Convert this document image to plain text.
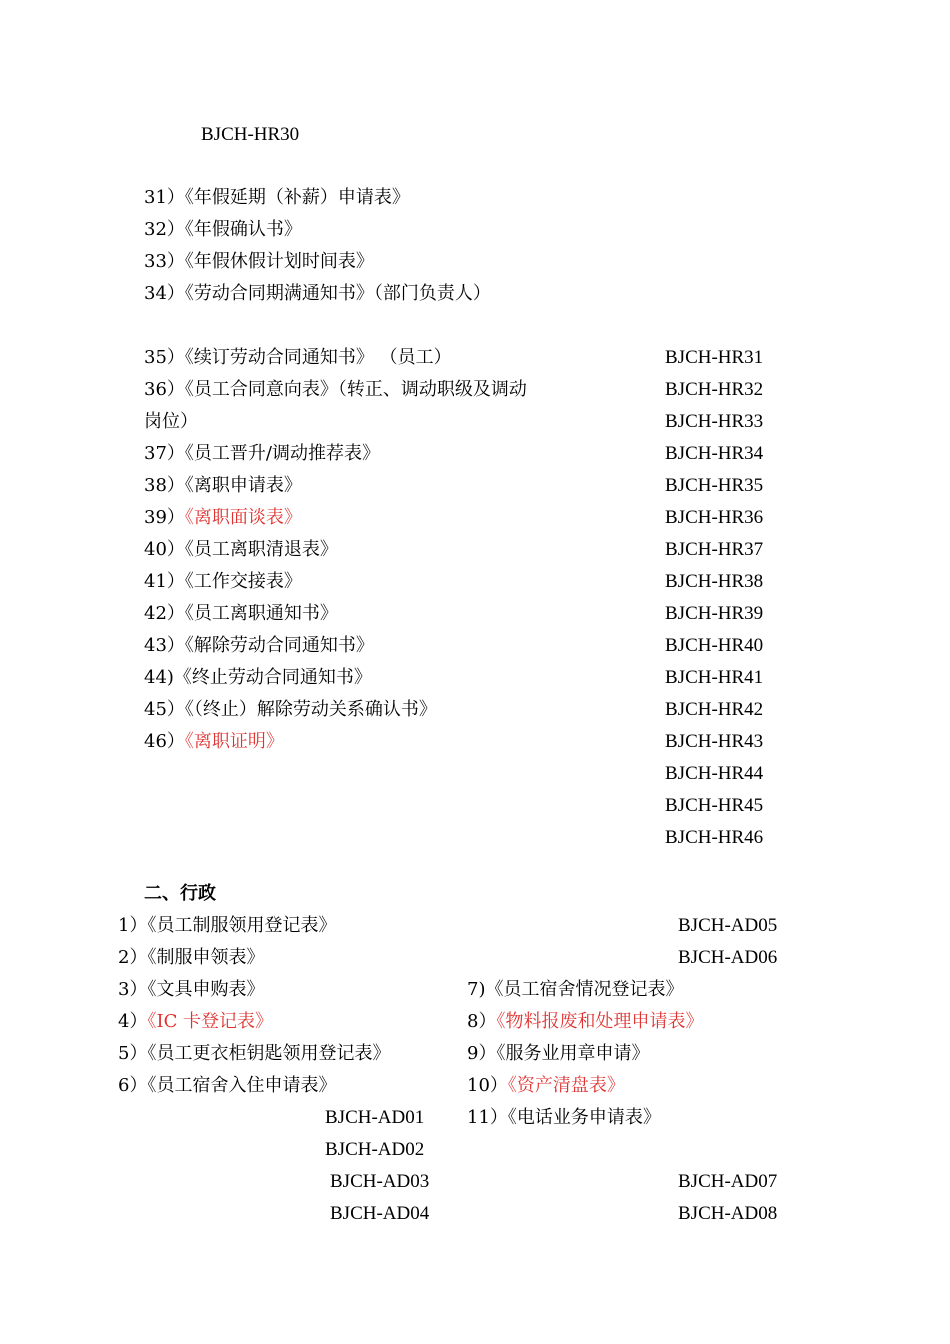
BJCH-HR30
31）《年假延期（补薪）申请表》
32）《年假确认书》
33）《年假休假计划时间表》
34）《劳动合同期满通知书》（部门负责人）
35）《续订劳动合同通知书》 （员工）
36）《员工合同意向表》（转正、调动职级及调动
岗位）
37）《员工晋升/调动推荐表》
38）《离职申请表》
39）《离职面谈表》
40）《员工离职清退表》
41）《工作交接表》
42）《员工离职通知书》
43）《解除劳动合同通知书》
44)《终止劳动合同通知书》
45）《（终止）解除劳动关系确认书》
46）《离职证明》
BJCH-HR31
BJCH-HR32
BJCH-HR33
BJCH-HR34
BJCH-HR35
BJCH-HR36
BJCH-HR37
BJCH-HR38
BJCH-HR39
BJCH-HR40
BJCH-HR41
BJCH-HR42
BJCH-HR43
BJCH-HR44
BJCH-HR45
BJCH-HR46
二、行政
1）《员工制服领用登记表》
2）《制服申领表》
3）《文具申购表》
4）《IC 卡登记表》
5）《员工更衣柜钥匙领用登记表》
6）《员工宿舍入住申请表》
BJCH-AD01
BJCH-AD02
BJCH-AD03
BJCH-AD04
7)《员工宿舍情况登记表》
8）《物料报废和处理申请表》
9）《服务业用章申请》
10）《资产清盘表》
11）《电话业务申请表》
BJCH-AD05
BJCH-AD06
BJCH-AD07
BJCH-AD08
